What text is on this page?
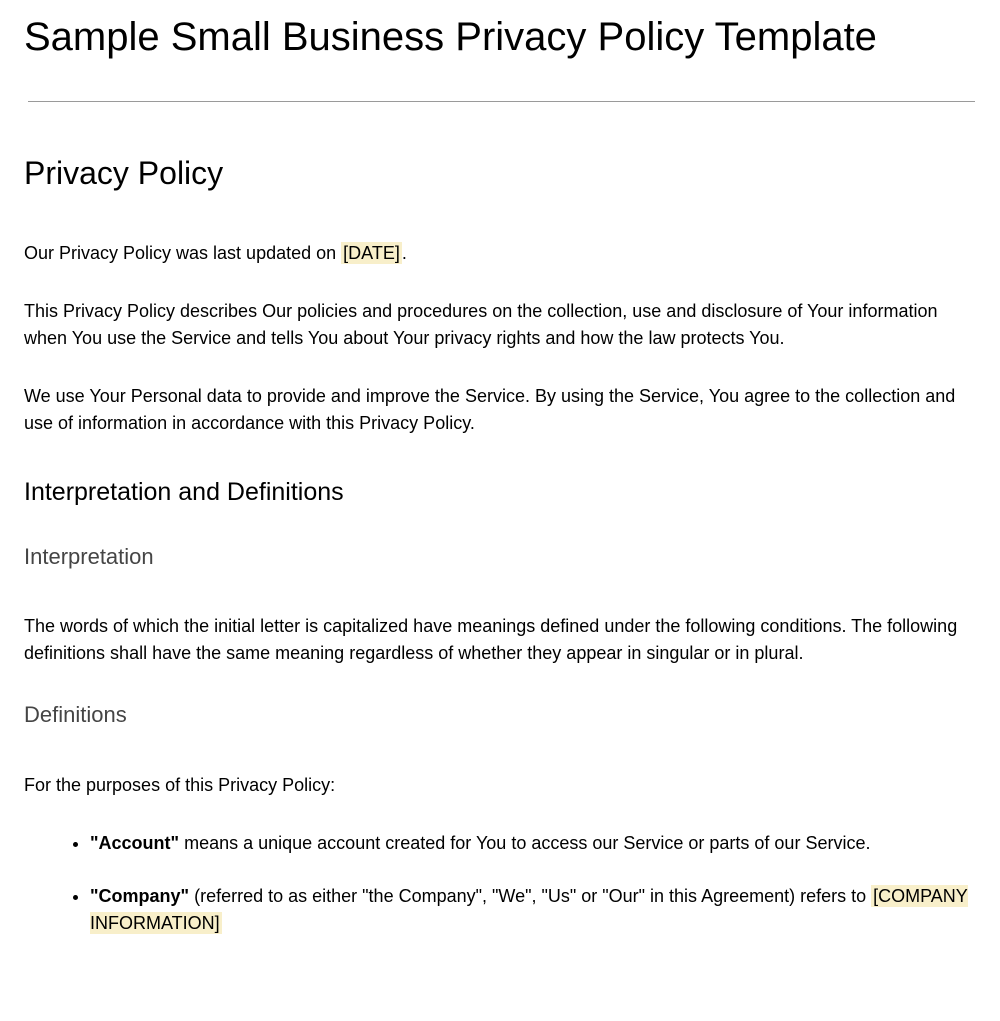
Sample Small Business Privacy Policy Template
Privacy Policy

Our Privacy Policy was last updated on [DATE] .

This Privacy Policy describes Our policies and procedures on the collection, use and disclosure of Your information when You use the Service and tells You about Your privacy rights and how the law protects You.

We use Your Personal data to provide and improve the Service. By using the Service, You agree to the collection and use of information in accordance with this Privacy Policy.

Interpretation and Definitions
Interpretation

The words of which the initial letter is capitalized have meanings defined under the following conditions. The following definitions shall have the same meaning regardless of whether they appear in singular or in plural.

Definitions

For the purposes of this Privacy Policy:

• "Account" means a unique account created for You to access our Service or parts of our Service.
• "Company" (referred to as either "the Company", "We", "Us" or "Our" in this Agreement) refers to [COMPANY INFORMATION]
